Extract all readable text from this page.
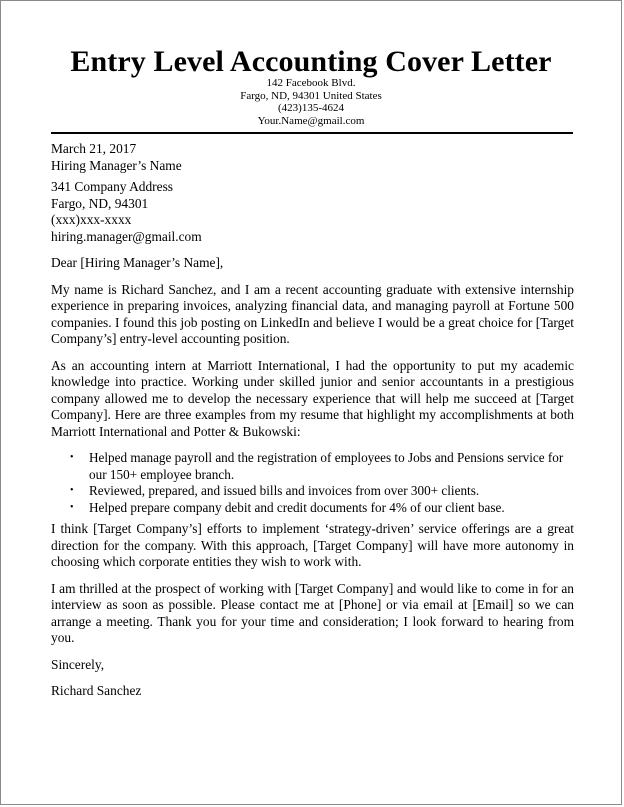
Entry Level Accounting Cover Letter
142 Facebook Blvd.
Fargo, ND, 94301 United States
(423)135-4624
Your.Name@gmail.com
March 21, 2017
Hiring Manager’s Name
341 Company Address
Fargo, ND, 94301
(xxx)xxx-xxxx
hiring.manager@gmail.com
Dear [Hiring Manager’s Name],

My name is Richard Sanchez, and I am a recent accounting graduate with extensive internship experience in preparing invoices, analyzing financial data, and managing payroll at Fortune 500 companies. I found this job posting on LinkedIn and believe I would be a great choice for [Target Company’s] entry-level accounting position.

As an accounting intern at Marriott International, I had the opportunity to put my academic knowledge into practice. Working under skilled junior and senior accountants in a prestigious company allowed me to develop the necessary experience that will help me succeed at [Target Company]. Here are three examples from my resume that highlight my accomplishments at both Marriott International and Potter & Bukowski:

• Helped manage payroll and the registration of employees to Jobs and Pensions service for our 150+ employee branch.
• Reviewed, prepared, and issued bills and invoices from over 300+ clients.
• Helped prepare company debit and credit documents for 4% of our client base.

I think [Target Company’s] efforts to implement ‘strategy-driven’ service offerings are a great direction for the company. With this approach, [Target Company] will have more autonomy in choosing which corporate entities they wish to work with.

I am thrilled at the prospect of working with [Target Company] and would like to come in for an interview as soon as possible. Please contact me at [Phone] or via email at [Email] so we can arrange a meeting. Thank you for your time and consideration; I look forward to hearing from you.

Sincerely,
Richard Sanchez
